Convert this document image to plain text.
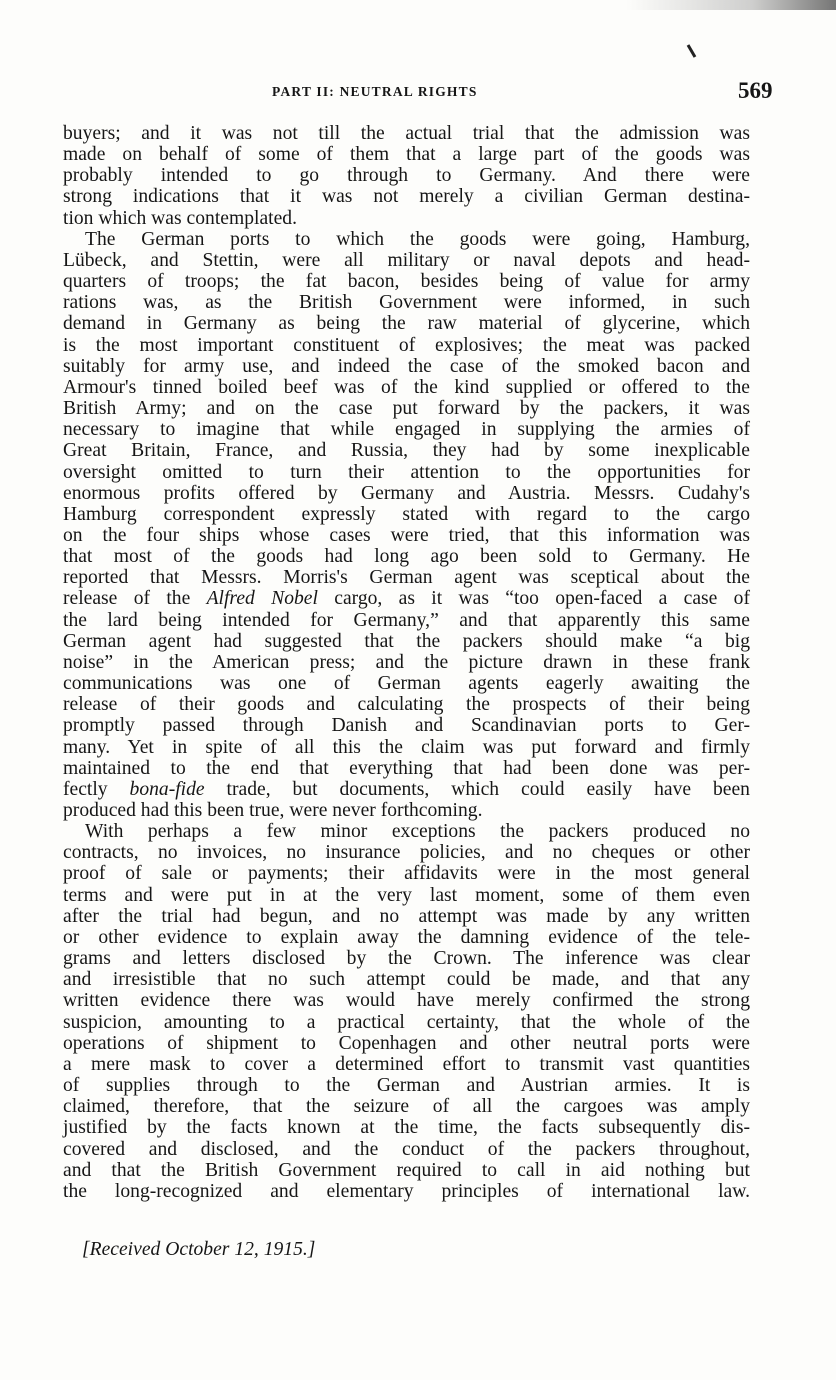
PART II: NEUTRAL RIGHTS	569

buyers; and it was not till the actual trial that the admission was

made on behalf of some of them that a large part of the goods was

probably intended to go through to Germany. And there were

strong indications that it was not merely a civilian German destina-

tion which was contemplated.

The German ports to which the goods were going, Hamburg,

Lübeck, and Stettin, were all military or naval depots and head-

quarters of troops; the fat bacon, besides being of value for army

rations was, as the British Government were informed, in such

demand in Germany as being the raw material of glycerine, which

is the most important constituent of explosives; the meat was packed

suitably for army use, and indeed the case of the smoked bacon and

Armour's tinned boiled beef was of the kind supplied or offered to the

British Army; and on the case put forward by the packers, it was

necessary to imagine that while engaged in supplying the armies of

Great Britain, France, and Russia, they had by some inexplicable

oversight omitted to turn their attention to the opportunities for

enormous profits offered by Germany and Austria. Messrs. Cudahy's

Hamburg correspondent expressly stated with regard to the cargo

on the four ships whose cases were tried, that this information was

that most of the goods had long ago been sold to Germany. He

reported that Messrs. Morris's German agent was sceptical about the

release of the Alfred Nobel cargo, as it was “too open-faced a case of

the lard being intended for Germany,” and that apparently this same

German agent had suggested that the packers should make “a big

noise” in the American press; and the picture drawn in these frank

communications was one of German agents eagerly awaiting the

release of their goods and calculating the prospects of their being

promptly passed through Danish and Scandinavian ports to Ger-

many. Yet in spite of all this the claim was put forward and firmly

maintained to the end that everything that had been done was per-

fectly bona-fide trade, but documents, which could easily have been

produced had this been true, were never forthcoming.

With perhaps a few minor exceptions the packers produced no

contracts, no invoices, no insurance policies, and no cheques or other

proof of sale or payments; their affidavits were in the most general

terms and were put in at the very last moment, some of them even

after the trial had begun, and no attempt was made by any written

or other evidence to explain away the damning evidence of the tele-

grams and letters disclosed by the Crown. The inference was clear

and irresistible that no such attempt could be made, and that any

written evidence there was would have merely confirmed the strong

suspicion, amounting to a practical certainty, that the whole of the

operations of shipment to Copenhagen and other neutral ports were

a mere mask to cover a determined effort to transmit vast quantities

of supplies through to the German and Austrian armies. It is

claimed, therefore, that the seizure of all the cargoes was amply

justified by the facts known at the time, the facts subsequently dis-

covered and disclosed, and the conduct of the packers throughout,

and that the British Government required to call in aid nothing but

the long-recognized and elementary principles of international law.

[Received October 12, 1915.]
